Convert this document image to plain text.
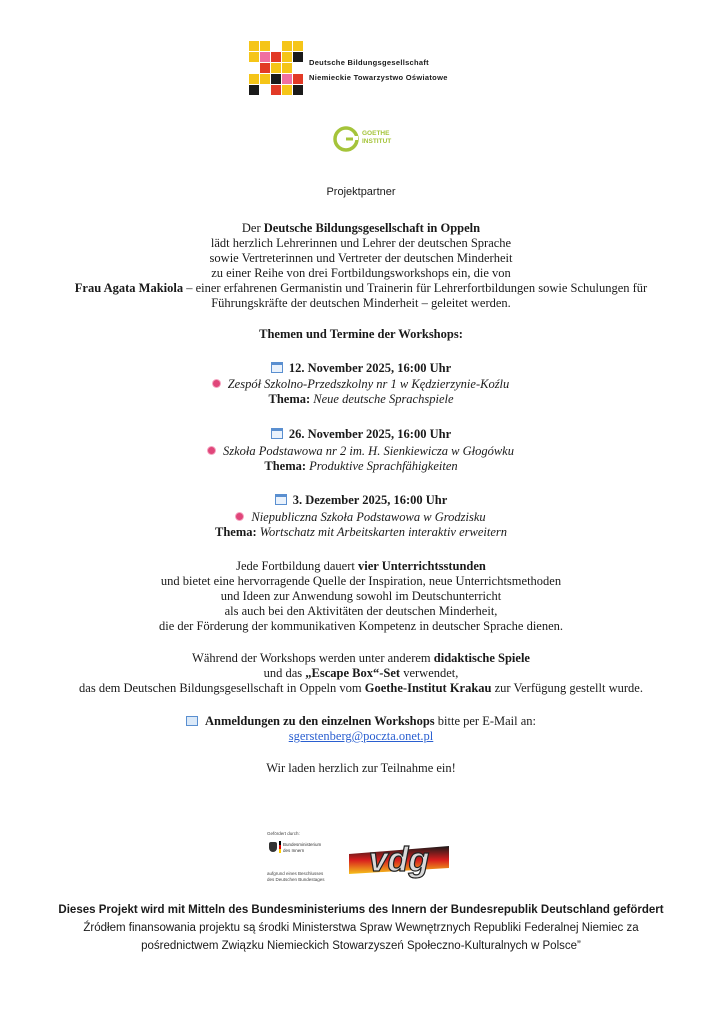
Deutsche Bildungsgesellschaft
Niemieckie Towarzystwo Oświatowe
GOETHE
INSTITUT
Projektpartner
Der Deutsche Bildungsgesellschaft in Oppeln
lädt herzlich Lehrerinnen und Lehrer der deutschen Sprache
sowie Vertreterinnen und Vertreter der deutschen Minderheit
zu einer Reihe von drei Fortbildungsworkshops ein, die von
Frau Agata Makiola – einer erfahrenen Germanistin und Trainerin für Lehrerfortbildungen sowie Schulungen für
Führungskräfte der deutschen Minderheit – geleitet werden.
Themen und Termine der Workshops:
12. November 2025, 16:00 Uhr
Zespół Szkolno-Przedszkolny nr 1 w Kędzierzynie-Koźlu
Thema: Neue deutsche Sprachspiele
26. November 2025, 16:00 Uhr
Szkoła Podstawowa nr 2 im. H. Sienkiewicza w Głogówku
Thema: Produktive Sprachfähigkeiten
3. Dezember 2025, 16:00 Uhr
Niepubliczna Szkoła Podstawowa w Grodzisku
Thema: Wortschatz mit Arbeitskarten interaktiv erweitern
Jede Fortbildung dauert vier Unterrichtsstunden
und bietet eine hervorragende Quelle der Inspiration, neue Unterrichtsmethoden
und Ideen zur Anwendung sowohl im Deutschunterricht
als auch bei den Aktivitäten der deutschen Minderheit,
die der Förderung der kommunikativen Kompetenz in deutscher Sprache dienen.
Während der Workshops werden unter anderem didaktische Spiele
und das „Escape Box“-Set verwendet,
das dem Deutschen Bildungsgesellschaft in Oppeln vom Goethe-Institut Krakau zur Verfügung gestellt wurde.
Anmeldungen zu den einzelnen Workshops bitte per E-Mail an:
sgerstenberg@poczta.onet.pl
Wir laden herzlich zur Teilnahme ein!
Gefördert durch:
Bundesministerium
des Innern
aufgrund eines Beschlusses
des Deutschen Bundestages
vdg
Dieses Projekt wird mit Mitteln des Bundesministeriums des Innern der Bundesrepublik Deutschland gefördert
Źródłem finansowania projektu są środki Ministerstwa Spraw Wewnętrznych Republiki Federalnej Niemiec za
pośrednictwem Związku Niemieckich Stowarzyszeń Społeczno-Kulturalnych w Polsce”
